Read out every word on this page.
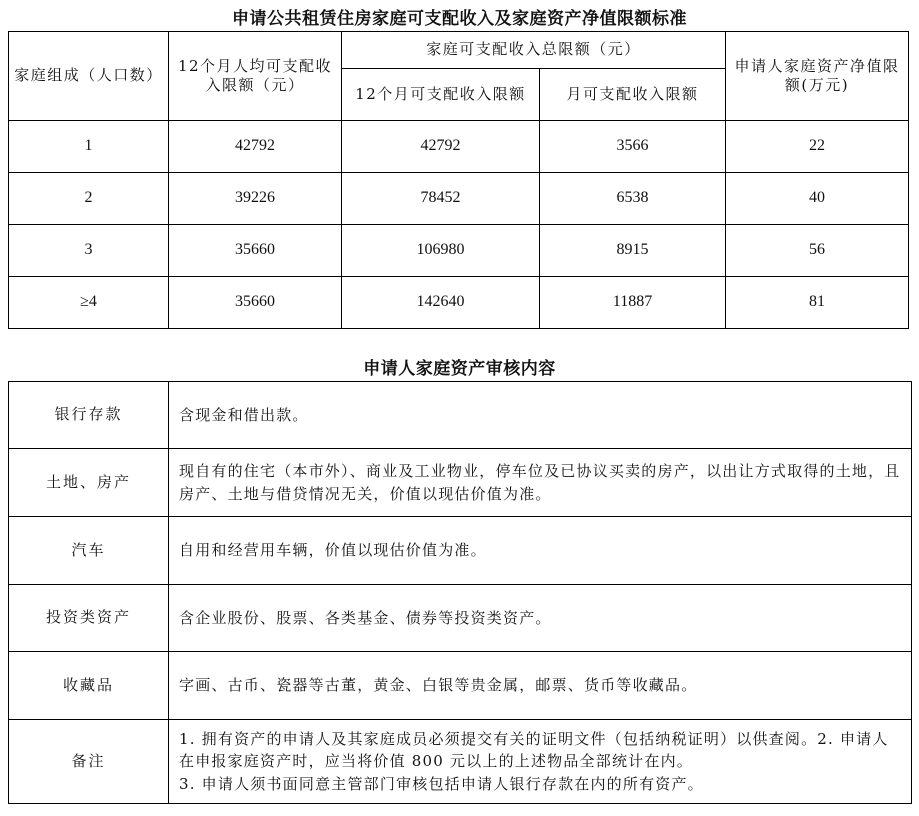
申请公共租赁住房家庭可支配收入及家庭资产净值限额标准
家庭组成（人口数）	12个月人均可支配收入限额（元）	家庭可支配收入总限额（元）		申请人家庭资产净值限额(万元)
		12个月可支配收入限额	月可支配收入限额	
1	42792	42792	3566	22
2	39226	78452	6538	40
3	35660	106980	8915	56
≥4	35660	142640	11887	81
申请人家庭资产审核内容
银行存款	含现金和借出款。
土地、房产	现自有的住宅（本市外）、商业及工业物业，停车位及已协议买卖的房产，以出让方式取得的土地，且房产、土地与借贷情况无关，价值以现估价值为准。
汽车	自用和经营用车辆，价值以现估价值为准。
投资类资产	含企业股份、股票、各类基金、债券等投资类资产。
收藏品	字画、古币、瓷器等古董，黄金、白银等贵金属，邮票、货币等收藏品。
备注	1. 拥有资产的申请人及其家庭成员必须提交有关的证明文件（包括纳税证明）以供查阅。2. 申请人在申报家庭资产时，应当将价值 800 元以上的上述物品全部统计在内。
3. 申请人须书面同意主管部门审核包括申请人银行存款在内的所有资产。
